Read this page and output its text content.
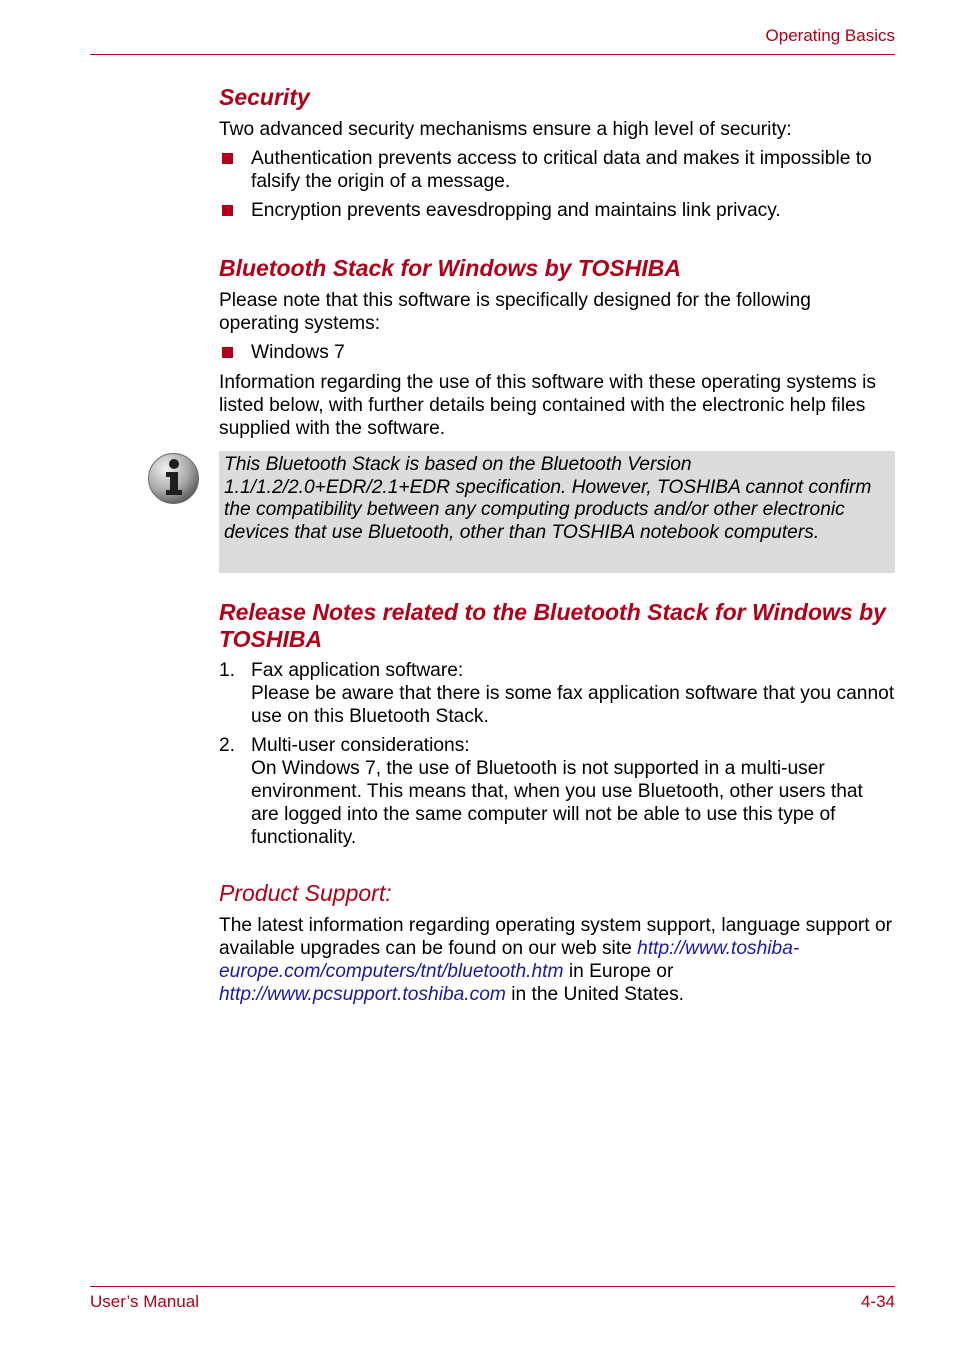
Operating Basics
Security
Two advanced security mechanisms ensure a high level of security:
Authentication prevents access to critical data and makes it impossible to falsify the origin of a message.
Encryption prevents eavesdropping and maintains link privacy.
Bluetooth Stack for Windows by TOSHIBA
Please note that this software is specifically designed for the following operating systems:
Windows 7
Information regarding the use of this software with these operating systems is listed below, with further details being contained with the electronic help files supplied with the software.
This Bluetooth Stack is based on the Bluetooth Version 1.1/1.2/2.0+EDR/2.1+EDR specification. However, TOSHIBA cannot confirm the compatibility between any computing products and/or other electronic devices that use Bluetooth, other than TOSHIBA notebook computers.
Release Notes related to the Bluetooth Stack for Windows by TOSHIBA
1. Fax application software:
Please be aware that there is some fax application software that you cannot use on this Bluetooth Stack.
2. Multi-user considerations:
On Windows 7, the use of Bluetooth is not supported in a multi-user environment. This means that, when you use Bluetooth, other users that are logged into the same computer will not be able to use this type of functionality.
Product Support:
The latest information regarding operating system support, language support or available upgrades can be found on our web site http://www.toshiba-europe.com/computers/tnt/bluetooth.htm in Europe or http://www.pcsupport.toshiba.com in the United States.
User’s Manual	4-34
